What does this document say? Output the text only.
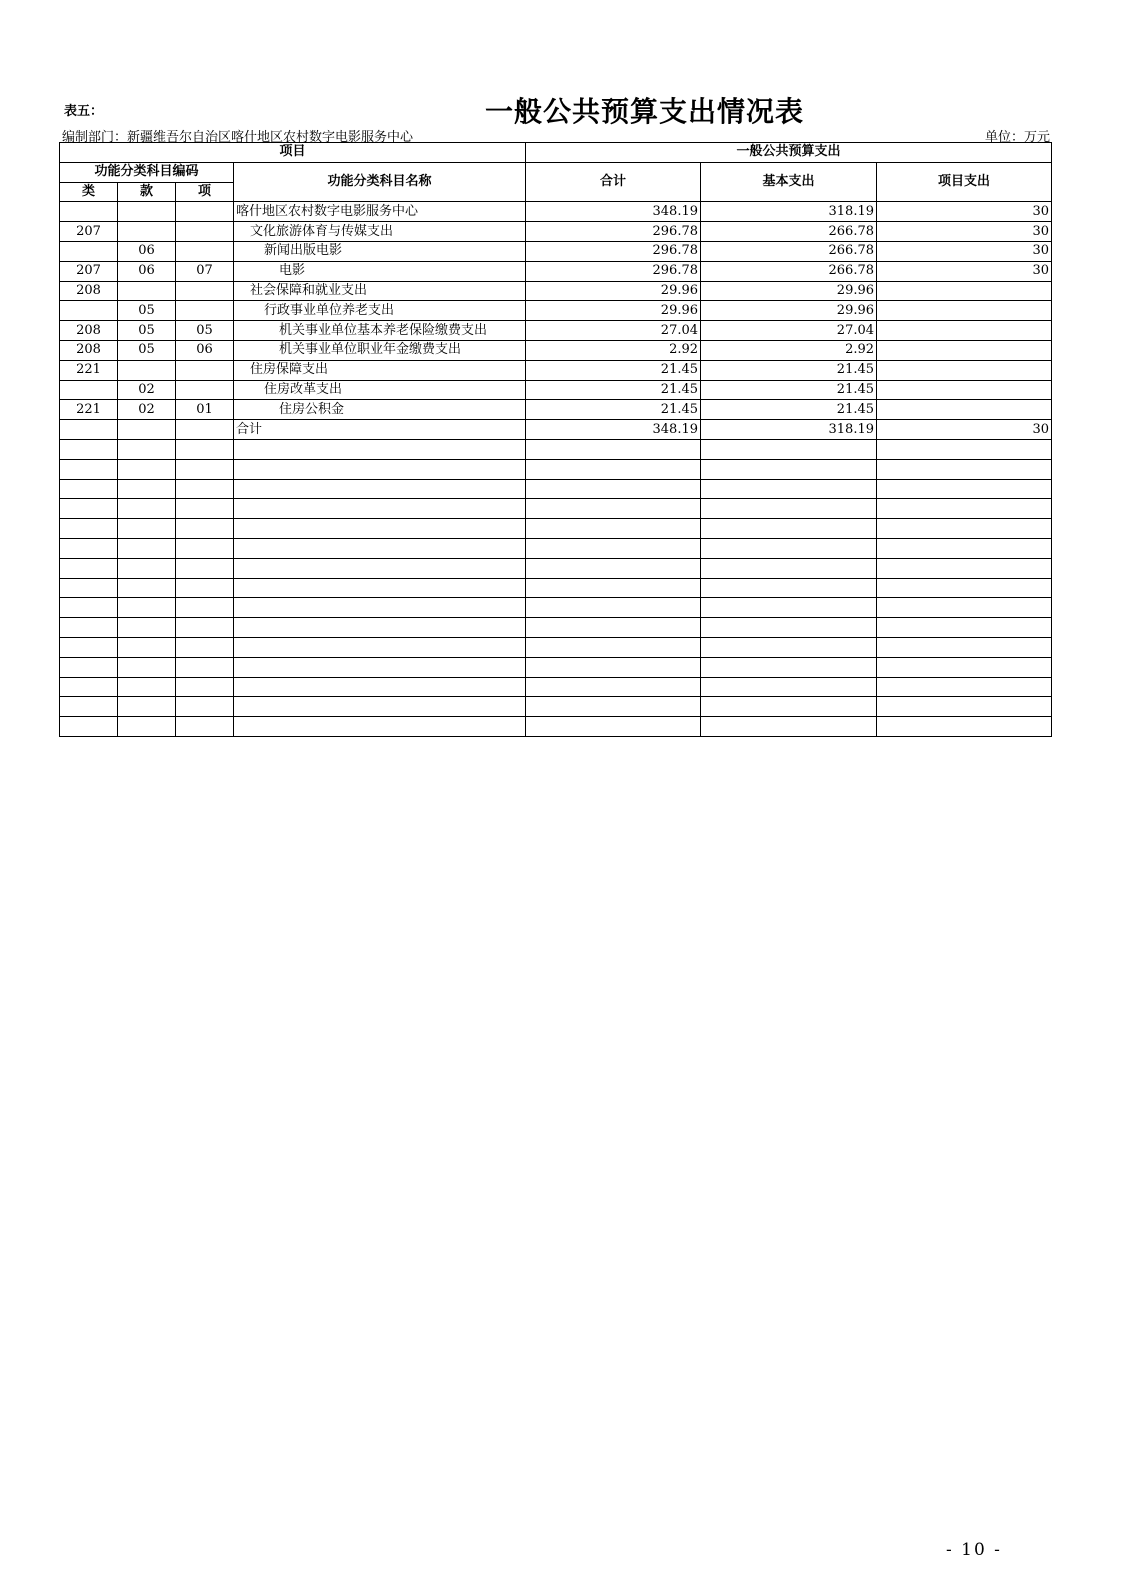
表五：	一般公共预算支出情况表
编制部门：新疆维吾尔自治区喀什地区农村数字电影服务中心	单位：万元
项目				一般公共预算支出		
功能分类科目编码			功能分类科目名称	合计	基本支出	项目支出
类	款	项				
			喀什地区农村数字电影服务中心	348.19	318.19	30
207			文化旅游体育与传媒支出	296.78	266.78	30
	06		新闻出版电影	296.78	266.78	30
207	06	07	电影	296.78	266.78	30
208			社会保障和就业支出	29.96	29.96	
	05		行政事业单位养老支出	29.96	29.96	
208	05	05	机关事业单位基本养老保险缴费支出	27.04	27.04	
208	05	06	机关事业单位职业年金缴费支出	2.92	2.92	
221			住房保障支出	21.45	21.45	
	02		住房改革支出	21.45	21.45	
221	02	01	住房公积金	21.45	21.45	
			合计	348.19	318.19	30

- 10 -
